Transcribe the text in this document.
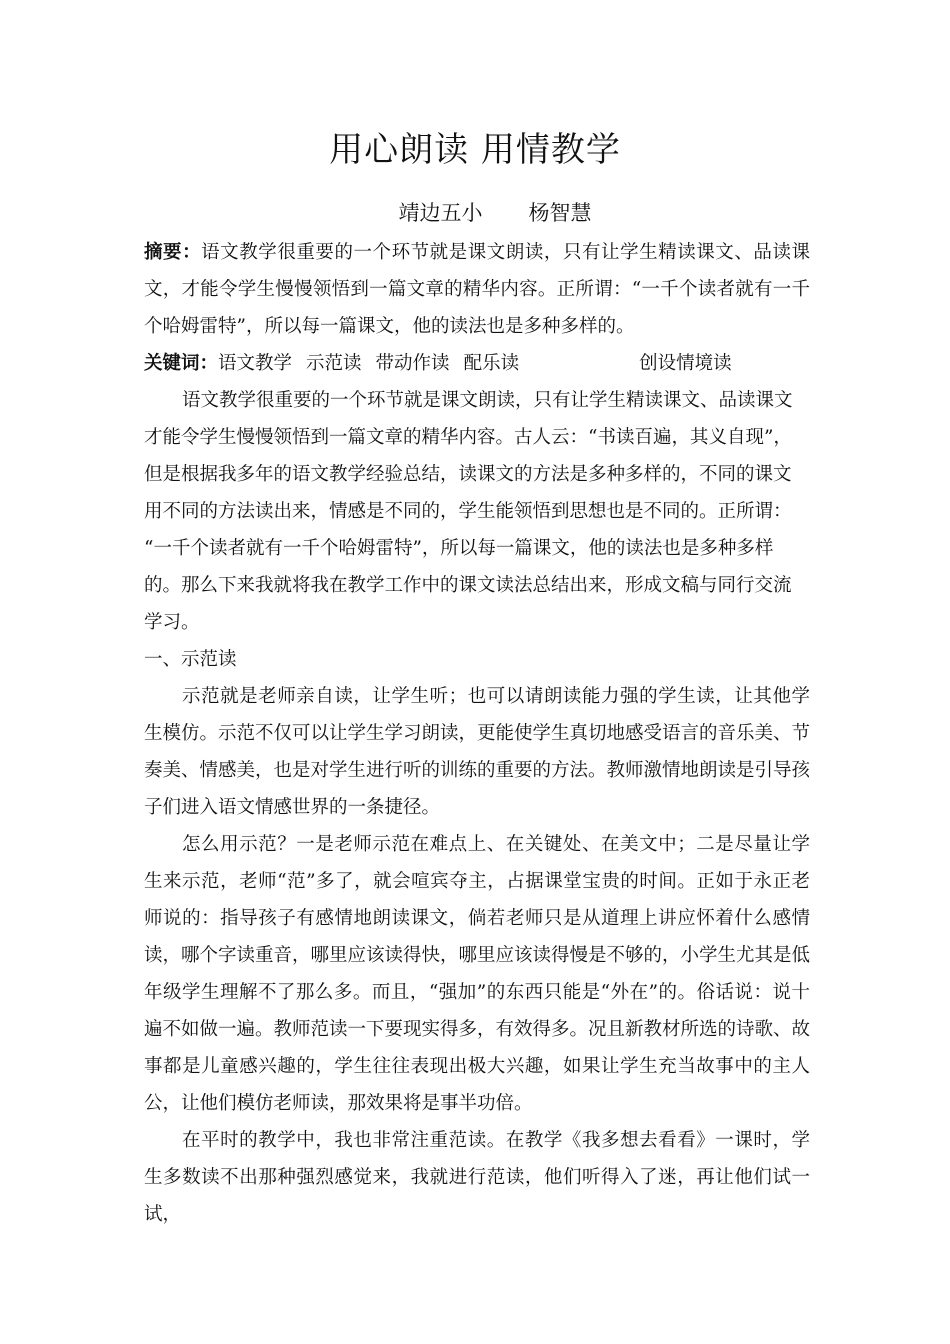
用心朗读 用情教学
靖边五小 杨智慧

摘要：语文教学很重要的一个环节就是课文朗读，只有让学生精读课文、品读课文，才能令学生慢慢领悟到一篇文章的精华内容。正所谓：“一千个读者就有一千个哈姆雷特”，所以每一篇课文，他的读法也是多种多样的。

关键词：语文教学 示范读 带动作读 配乐读	创设情境读

语文教学很重要的一个环节就是课文朗读，只有让学生精读课文、品读课文
才能令学生慢慢领悟到一篇文章的精华内容。古人云：“书读百遍，其义自现”，
但是根据我多年的语文教学经验总结，读课文的方法是多种多样的，不同的课文
用不同的方法读出来，情感是不同的，学生能领悟到思想也是不同的。正所谓：
“一千个读者就有一千个哈姆雷特”，所以每一篇课文，他的读法也是多种多样
的。那么下来我就将我在教学工作中的课文读法总结出来，形成文稿与同行交流
学习。

一、示范读

示范就是老师亲自读，让学生听；也可以请朗读能力强的学生读，让其他学生模仿。示范不仅可以让学生学习朗读，更能使学生真切地感受语言的音乐美、节奏美、情感美，也是对学生进行听的训练的重要的方法。教师激情地朗读是引导孩子们进入语文情感世界的一条捷径。

怎么用示范？一是老师示范在难点上、在关键处、在美文中；二是尽量让学生来示范，老师“范”多了，就会喧宾夺主，占据课堂宝贵的时间。正如于永正老师说的：指导孩子有感情地朗读课文，倘若老师只是从道理上讲应怀着什么感情读，哪个字读重音，哪里应该读得快，哪里应该读得慢是不够的，小学生尤其是低年级学生理解不了那么多。而且，“强加”的东西只能是“外在”的。俗话说：说十遍不如做一遍。教师范读一下要现实得多，有效得多。况且新教材所选的诗歌、故事都是儿童感兴趣的，学生往往表现出极大兴趣，如果让学生充当故事中的主人公，让他们模仿老师读，那效果将是事半功倍。

在平时的教学中，我也非常注重范读。在教学《我多想去看看》一课时，学生多数读不出那种强烈感觉来，我就进行范读，他们听得入了迷，再让他们试一试，
